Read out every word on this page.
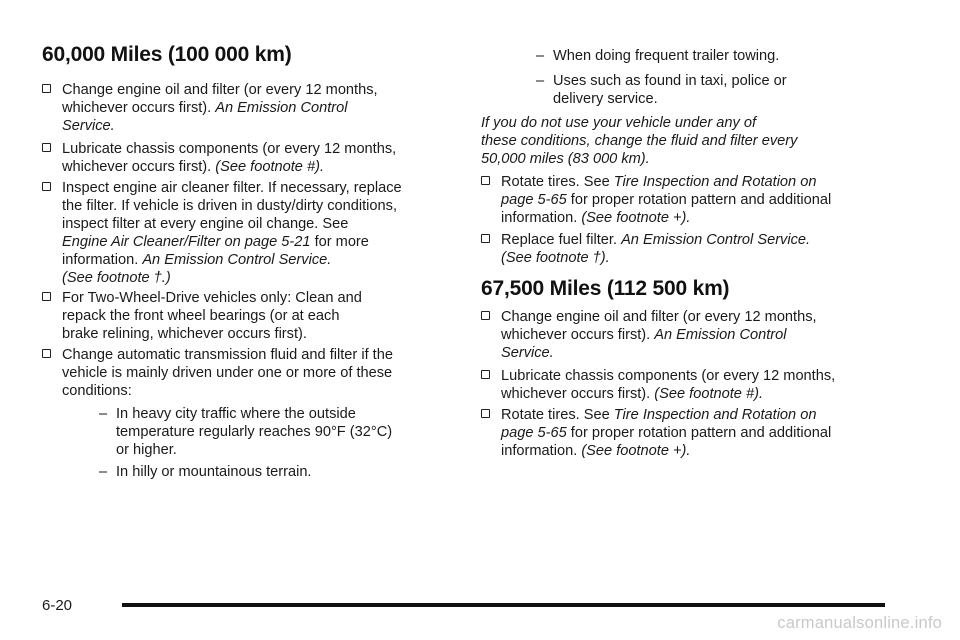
60,000 Miles (100 000 km)
Change engine oil and filter (or every 12 months,
whichever occurs first). An Emission Control
Service.
Lubricate chassis components (or every 12 months,
whichever occurs first). (See footnote #).
Inspect engine air cleaner filter. If necessary, replace
the filter. If vehicle is driven in dusty/dirty conditions,
inspect filter at every engine oil change. See
Engine Air Cleaner/Filter on page 5-21 for more
information. An Emission Control Service.
(See footnote †.)
For Two-Wheel-Drive vehicles only: Clean and
repack the front wheel bearings (or at each
brake relining, whichever occurs first).
Change automatic transmission fluid and filter if the
vehicle is mainly driven under one or more of these
conditions:
– In heavy city traffic where the outside
temperature regularly reaches 90°F (32°C)
or higher.
– In hilly or mountainous terrain.
– When doing frequent trailer towing.
– Uses such as found in taxi, police or
delivery service.
If you do not use your vehicle under any of
these conditions, change the fluid and filter every
50,000 miles (83 000 km).
Rotate tires. See Tire Inspection and Rotation on
page 5-65 for proper rotation pattern and additional
information. (See footnote +).
Replace fuel filter. An Emission Control Service.
(See footnote †).
67,500 Miles (112 500 km)
Change engine oil and filter (or every 12 months,
whichever occurs first). An Emission Control
Service.
Lubricate chassis components (or every 12 months,
whichever occurs first). (See footnote #).
Rotate tires. See Tire Inspection and Rotation on
page 5-65 for proper rotation pattern and additional
information. (See footnote +).
6-20
carmanualsonline.info
